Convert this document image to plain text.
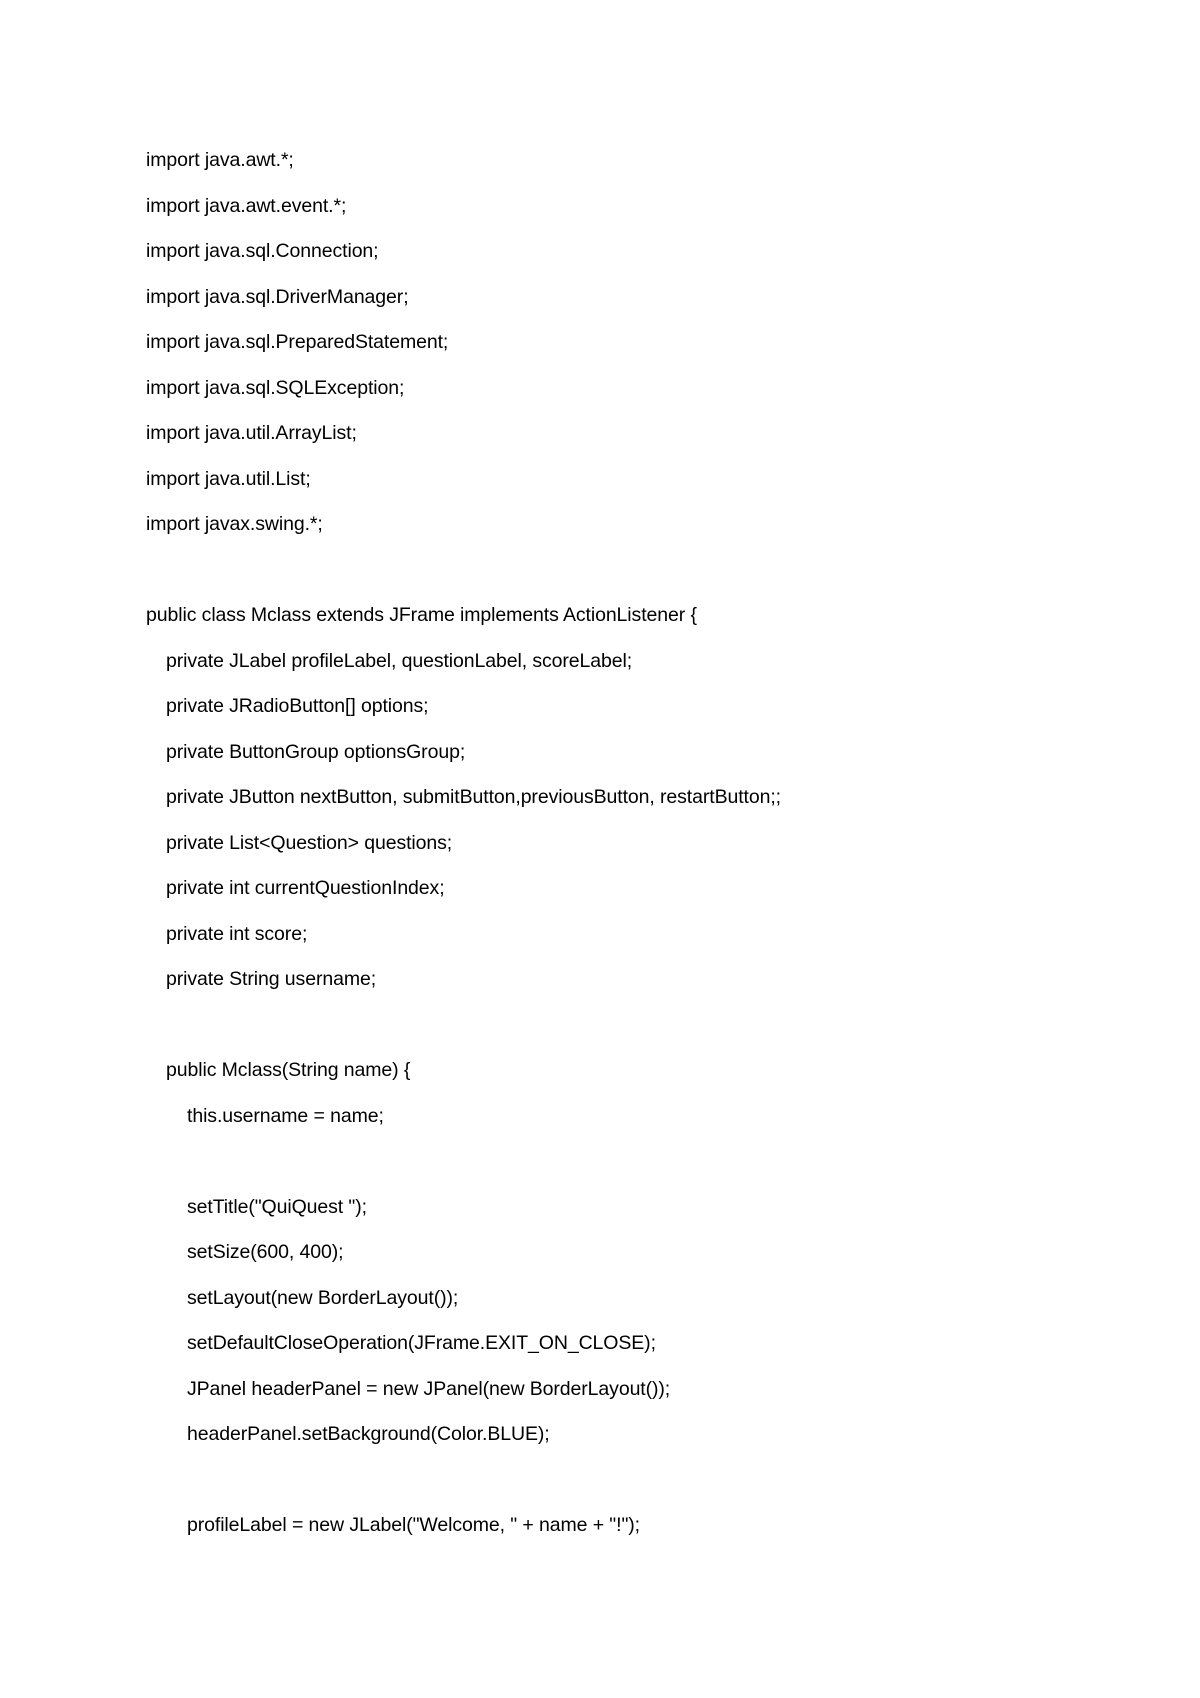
import java.awt.*;
import java.awt.event.*;
import java.sql.Connection;
import java.sql.DriverManager;
import java.sql.PreparedStatement;
import java.sql.SQLException;
import java.util.ArrayList;
import java.util.List;
import javax.swing.*;
public class Mclass extends JFrame implements ActionListener {
private JLabel profileLabel, questionLabel, scoreLabel;
private JRadioButton[] options;
private ButtonGroup optionsGroup;
private JButton nextButton, submitButton,previousButton, restartButton;;
private List<Question> questions;
private int currentQuestionIndex;
private int score;
private String username;
public Mclass(String name) {
this.username = name;
setTitle("QuiQuest ");
setSize(600, 400);
setLayout(new BorderLayout());
setDefaultCloseOperation(JFrame.EXIT_ON_CLOSE);
JPanel headerPanel = new JPanel(new BorderLayout());
headerPanel.setBackground(Color.BLUE);
profileLabel = new JLabel("Welcome, " + name + "!");
